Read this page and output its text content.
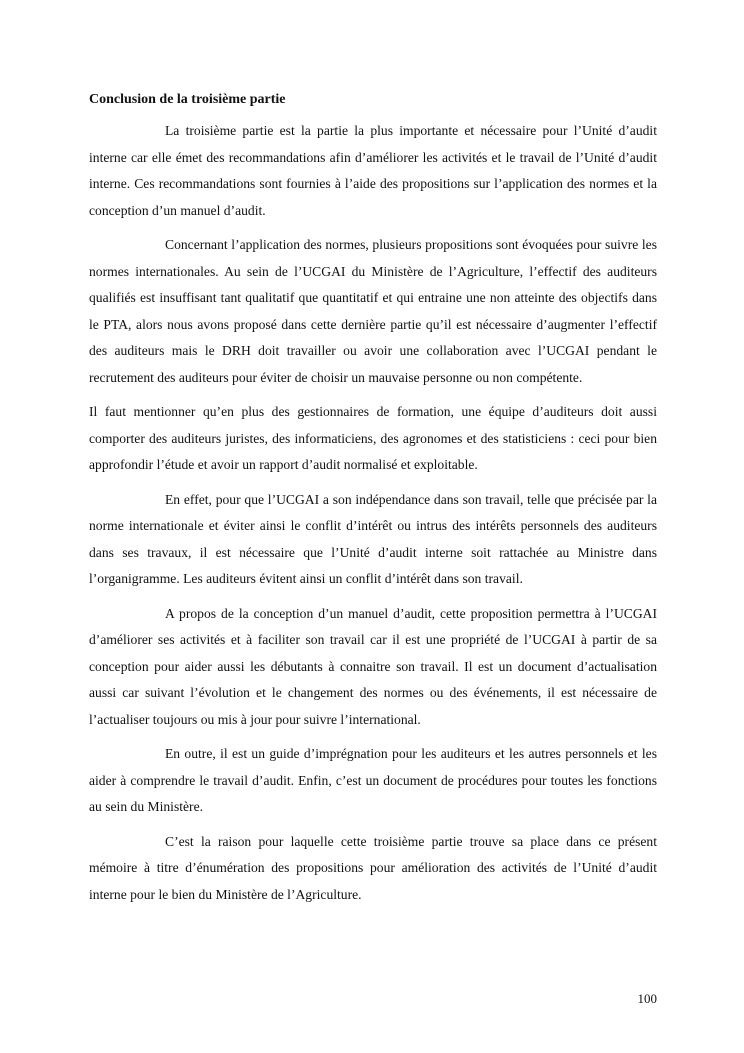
Conclusion de la troisième partie

La troisième partie est la partie la plus importante et nécessaire pour l’Unité d’audit interne car elle émet des recommandations afin d’améliorer les activités et le travail de l’Unité d’audit interne. Ces recommandations sont fournies à l’aide des propositions sur l’application des normes et la conception d’un manuel d’audit.

Concernant l’application des normes, plusieurs propositions sont évoquées pour suivre les normes internationales. Au sein de l’UCGAI du Ministère de l’Agriculture, l’effectif des auditeurs qualifiés est insuffisant tant qualitatif que quantitatif et qui entraine une non atteinte des objectifs dans le PTA, alors nous avons proposé dans cette dernière partie qu’il est nécessaire d’augmenter l’effectif des auditeurs mais le DRH doit travailler ou avoir une collaboration avec l’UCGAI pendant le recrutement des auditeurs pour éviter de choisir un mauvaise personne ou non compétente.

Il faut mentionner qu’en plus des gestionnaires de formation, une équipe d’auditeurs doit aussi comporter des auditeurs juristes, des informaticiens, des agronomes et des statisticiens : ceci pour bien approfondir l’étude et avoir un rapport d’audit normalisé et exploitable.

En effet, pour que l’UCGAI a son indépendance dans son travail, telle que précisée par la norme internationale et éviter ainsi le conflit d’intérêt ou intrus des intérêts personnels des auditeurs dans ses travaux, il est nécessaire que l’Unité d’audit interne soit rattachée au Ministre dans l’organigramme. Les auditeurs évitent ainsi un conflit d’intérêt dans son travail.

A propos de la conception d’un manuel d’audit, cette proposition permettra à l’UCGAI d’améliorer ses activités et à faciliter son travail car il est une propriété de l’UCGAI à partir de sa conception pour aider aussi les débutants à connaitre son travail. Il est un document d’actualisation aussi car suivant l’évolution et le changement des normes ou des événements, il est nécessaire de l’actualiser toujours ou mis à jour pour suivre l’international.

En outre, il est un guide d’imprégnation pour les auditeurs et les autres personnels et les aider à comprendre le travail d’audit. Enfin, c’est un document de procédures pour toutes les fonctions au sein du Ministère.

C’est la raison pour laquelle cette troisième partie trouve sa place dans ce présent mémoire à titre d’énumération des propositions pour amélioration des activités de l’Unité d’audit interne pour le bien du Ministère de l’Agriculture.

100
